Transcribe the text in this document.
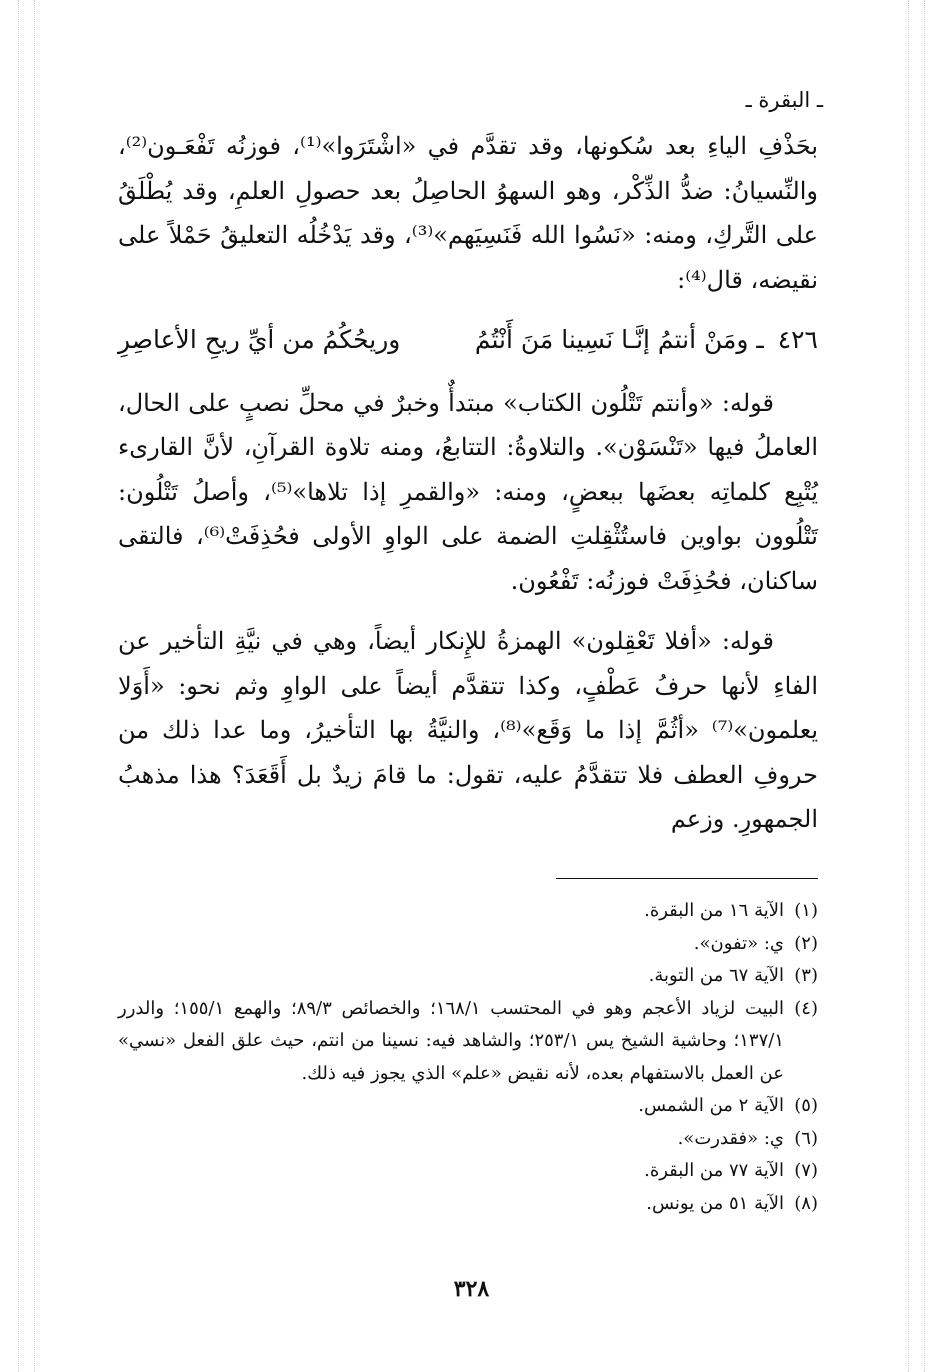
ـ البقرة ـ

بحَذْفِ الياءِ بعد سُكونها، وقد تقدَّم في «اشْتَرَوا»⁽¹⁾، فوزنُه تَفْعَـون⁽²⁾، والنِّسيانُ: ضدُّ الذِّكْر، وهو السهوُ الحاصِلُ بعد حصولِ العلمِ، وقد يُطْلَقُ على التَّركِ، ومنه: «نَسُوا الله فَنَسِيَهم»⁽³⁾، وقد يَدْخُلُه التعليقُ حَمْلاً على نقيضه، قال⁽⁴⁾:

٤٢٦ ـ ومَنْ أنتمُ إنَّـا نَسِينا مَنَ أَنْتُمُ
وريحُكُمُ من أيِّ ريحِ الأعاصِرِ

قوله: «وأنتم تَتْلُون الكتاب» مبتدأٌ وخبرٌ في محلِّ نصبٍ على الحال، العاملُ فيها «تَنْسَوْن». والتلاوةُ: التتابعُ، ومنه تلاوة القرآنِ، لأنَّ القارىء يُتْبِع كلماتِه بعضَها ببعضٍ، ومنه: «والقمرِ إذا تلاها»⁽⁵⁾، وأصلُ تَتْلُون: تَتْلُوون بواوين فاستُثْقِلتِ الضمة على الواوِ الأولى فحُذِفَتْ⁽⁶⁾، فالتقى ساكنان، فحُذِفَتْ فوزنُه: تَفْعُون.

قوله: «أفلا تَعْقِلون» الهمزةُ للإِنكار أيضاً، وهي في نيَّةِ التأخير عن الفاءِ لأنها حرفُ عَطْفٍ، وكذا تتقدَّم أيضاً على الواوِ وثم نحو: «أَوَلا يعلمون»⁽⁷⁾ «أثُمَّ إذا ما وَقَع»⁽⁸⁾، والنيَّةُ بها التأخيرُ، وما عدا ذلك من حروفِ العطف فلا تتقدَّمُ عليه، تقول: ما قامَ زيدٌ بل أَقَعَدَ؟ هذا مذهبُ الجمهورِ. وزعم

(١)
الآية ١٦ من البقرة.
(٢)
ي: «تفون».
(٣)
الآية ٦٧ من التوبة.
(٤)
البيت لزياد الأعجم وهو في المحتسب ١٦٨/١؛ والخصائص ٨٩/٣؛ والهمع ١٥٥/١؛ والدرر ١٣٧/١؛ وحاشية الشيخ يس ٢٥٣/١؛ والشاهد فيه: نسينا من انتم، حيث علق الفعل «نسي» عن العمل بالاستفهام بعده، لأنه نقيض «علم» الذي يجوز فيه ذلك.
(٥)
الآية ٢ من الشمس.
(٦)
ي: «فقدرت».
(٧)
الآية ٧٧ من البقرة.
(٨)
الآية ٥١ من يونس.
٣٢٨
